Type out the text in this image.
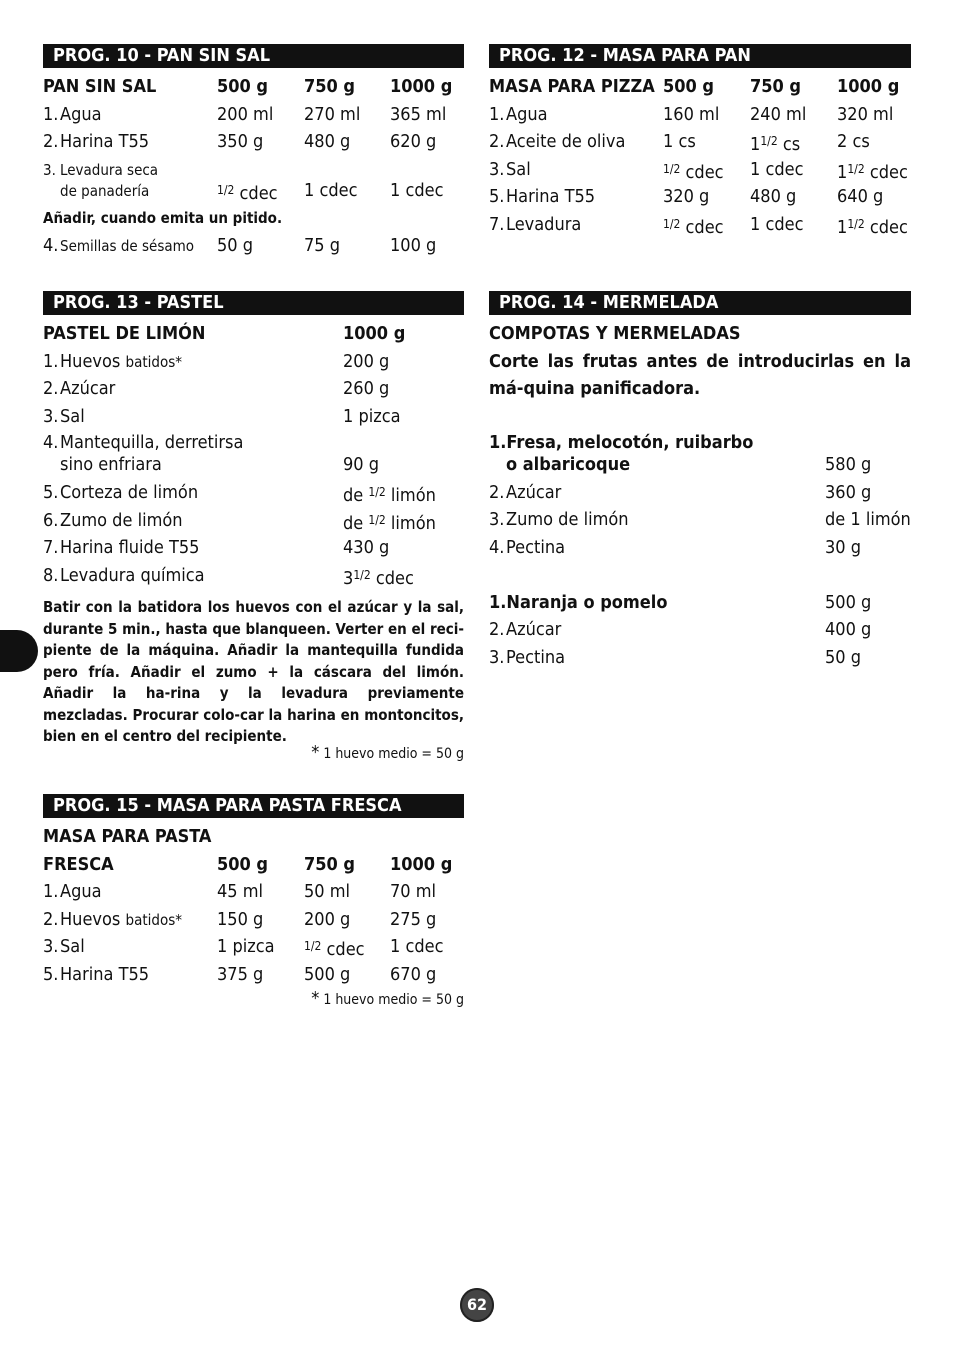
PROG. 10 - PAN SIN SAL
PAN SIN SAL	500 g 750 g 1000 g
1.Agua	200 ml 270 ml 365 ml
2.Harina T55	350 g 480 g 620 g
3. Levadura seca
de panadería	$^{1/2}$ cdec 1 cdec 1 cdec
Añadir, cuando emita un pitido.
4. Semillas de sésamo 50 g	75 g	100 g
PROG. 12 - MASA PARA PAN
MASA PARA PIZZA 500 g 750 g 1000 g
1.Agua	160 ml 240 ml 320 ml
2.Aceite de oliva 1 cs	$1^{1/2}$ cs 2 cs
3.Sal	$^{1/2}$ cdec 1 cdec $1^{1/2}$ cdec
5.Harina T55	320 g 480 g 640 g
7.Levadura	$^{1/2}$ cdec 1 cdec $1^{1/2}$ cdec
PROG. 13 - PASTEL
PASTEL DE LIMÓN	1000 g
1.Huevos batidos*	200 g
2.Azúcar	260 g
3.Sal	1 pizca
4.Mantequilla, derretirsa
sino enfriara	90 g
5.Corteza de limón	de $^{1/2}$ limón
6.Zumo de limón	de $^{1/2}$ limón
7.Harina fluide T55	430 g
8.Levadura química	$3^{1/2}$ cdec
Batir con la batidora los huevos con el azúcar y la sal, durante 5 min., hasta que blanqueen. Verter en el reci-piente de la máquina. Añadir la mantequilla fundida pero fría. Añadir el zumo + la cáscara del limón. Añadir la ha-rina y la levadura previamente mezcladas. Procurar colo-car la harina en montoncitos, bien en el centro del recipiente.
* 1 huevo medio = 50 g
PROG. 14 - MERMELADA
COMPOTAS Y MERMELADAS
Corte las frutas antes de introducirlas en la má-quina panificadora.
1.Fresa, melocotón, ruibarbo
o albaricoque	580 g
2.Azúcar	360 g
3.Zumo de limón	de 1 limón
4.Pectina	30 g
1.Naranja o pomelo	500 g
2.Azúcar	400 g
3.Pectina	50 g
PROG. 15 - MASA PARA PASTA FRESCA
MASA PARA PASTA
FRESCA	500 g 750 g 1000 g
1.Agua	45 ml 50 ml 70 ml
2.Huevos batidos* 150 g 200 g 275 g
3.Sal	1 pizca $^{1/2}$ cdec 1 cdec
5.Harina T55	375 g 500 g 670 g
* 1 huevo medio = 50 g
62
